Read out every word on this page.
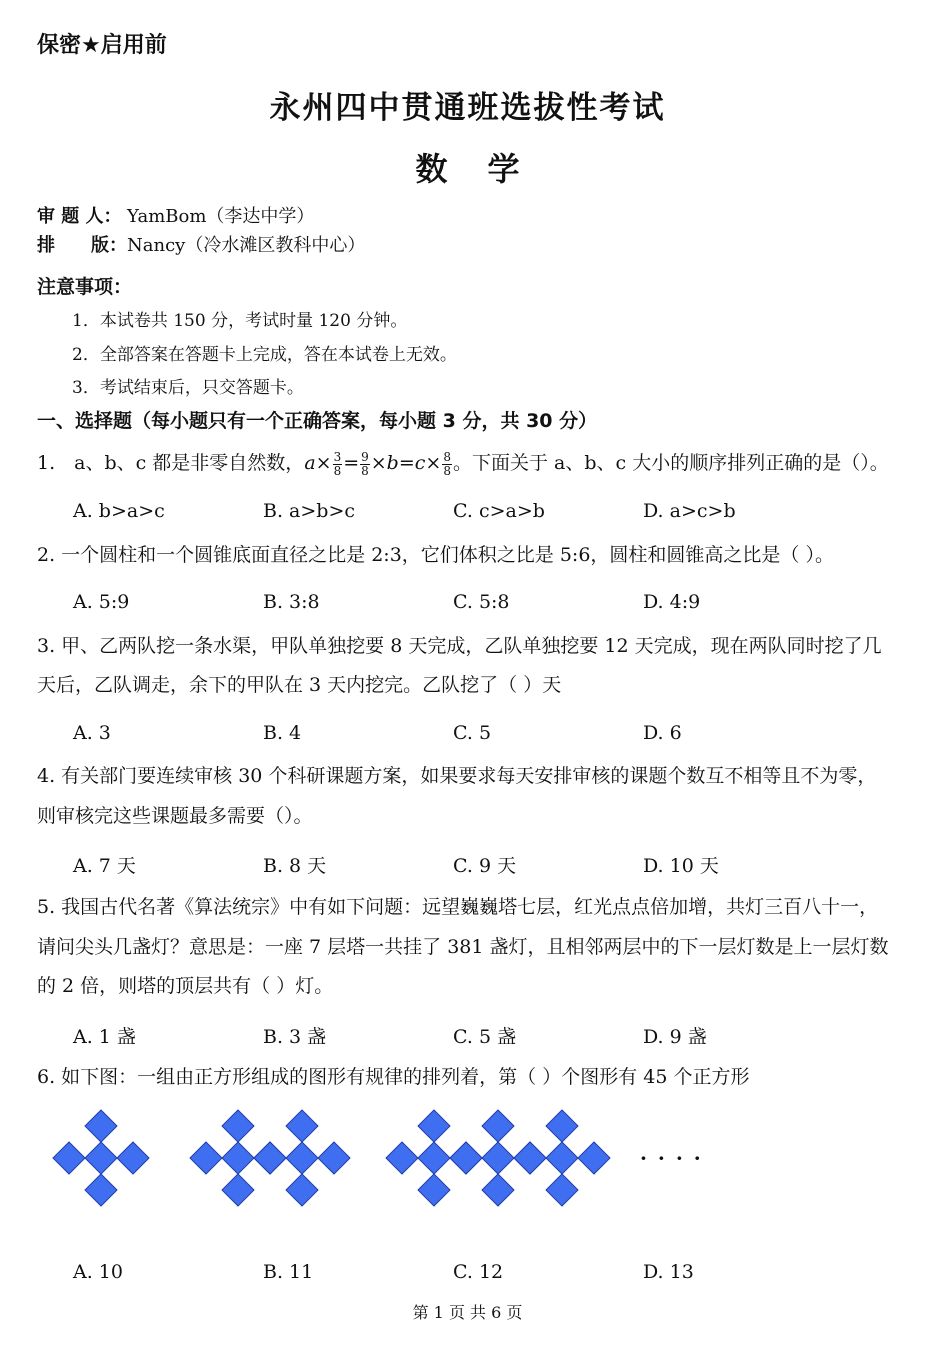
保密★启用前
永州四中贯通班选拔性考试
数学
审 题 人： YamBom（李达中学）
排　　版：Nancy（冷水滩区教科中心）
注意事项：
1．本试卷共 150 分，考试时量 120 分钟。
2．全部答案在答题卡上完成，答在本试卷上无效。
3．考试结束后，只交答题卡。
一、选择题（每小题只有一个正确答案，每小题 3 分，共 30 分）
1.　a、b、c 都是非零自然数，$a\times \frac{3}{8} = \frac{9}{8} \times b=c\times \frac{8}{8}$ 。下面关于 a、b、c 大小的顺序排列正确的是（）。
A. b>a>c	B. a>b>c	C. c>a>b	D. a>c>b
2. 一个圆柱和一个圆锥底面直径之比是 2:3，它们体积之比是 5:6，圆柱和圆锥高之比是（ ）。
A. 5:9	B. 3:8	C. 5:8	D. 4:9
3. 甲、乙两队挖一条水渠，甲队单独挖要 8 天完成，乙队单独挖要 12 天完成，现在两队同时挖了几
天后，乙队调走，余下的甲队在 3 天内挖完。乙队挖了（ ）天
A. 3	B. 4	C. 5	D. 6
4. 有关部门要连续审核 30 个科研课题方案，如果要求每天安排审核的课题个数互不相等且不为零，
则审核完这些课题最多需要（）。
A. 7 天	B. 8 天	C. 9 天	D. 10 天
5. 我国古代名著《算法统宗》中有如下问题：远望巍巍塔七层，红光点点倍加增，共灯三百八十一，
请问尖头几盏灯？意思是：一座 7 层塔一共挂了 381 盏灯，且相邻两层中的下一层灯数是上一层灯数
的 2 倍，则塔的顶层共有（ ）灯。
A. 1 盏	B. 3 盏	C. 5 盏	D. 9 盏
6. 如下图：一组由正方形组成的图形有规律的排列着，第（ ）个图形有 45 个正方形
· · · ·
A. 10	B. 11	C. 12	D. 13
第 1 页 共 6 页
